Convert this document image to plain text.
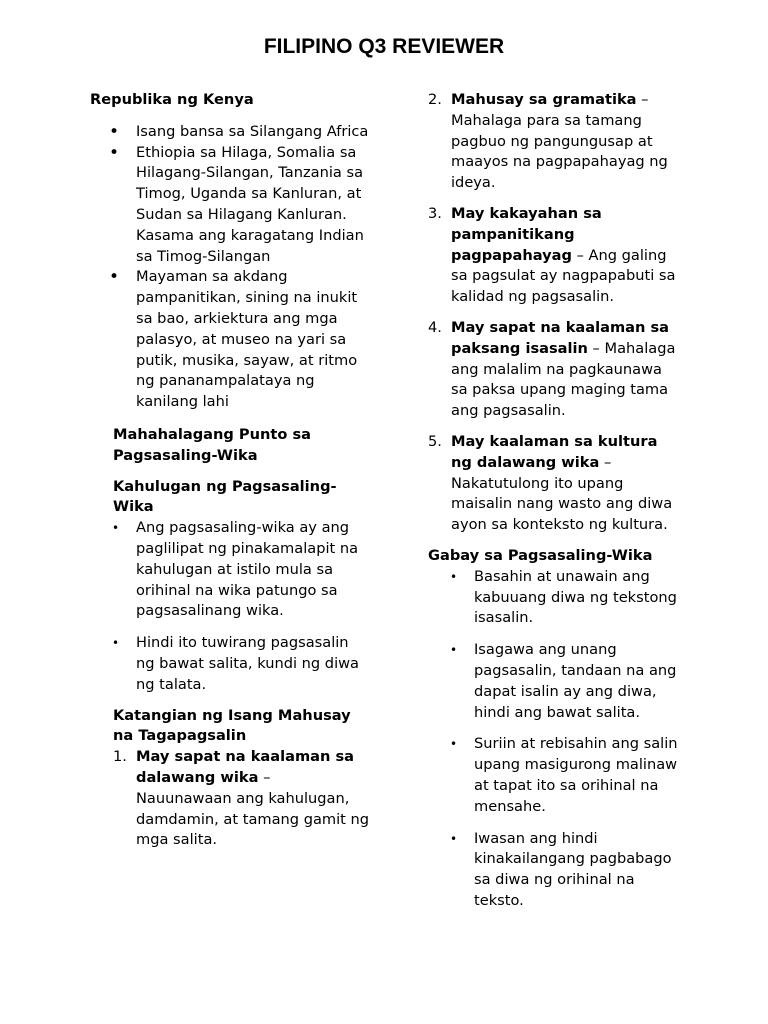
FILIPINO Q3 REVIEWER

Republika ng Kenya

• Isang bansa sa Silangang Africa
• Ethiopia sa Hilaga, Somalia sa Hilagang-Silangan, Tanzania sa Timog, Uganda sa Kanluran, at Sudan sa Hilagang Kanluran. Kasama ang karagatang Indian sa Timog-Silangan
• Mayaman sa akdang pampanitikan, sining na inukit sa bao, arkiektura ang mga palasyo, at museo na yari sa putik, musika, sayaw, at ritmo ng pananampalataya ng kanilang lahi

Mahahalagang Punto sa Pagsasaling-Wika

Kahulugan ng Pagsasaling-Wika

• Ang pagsasaling-wika ay ang paglilipat ng pinakamalapit na kahulugan at istilo mula sa orihinal na wika patungo sa pagsasalinang wika.
• Hindi ito tuwirang pagsasalin ng bawat salita, kundi ng diwa ng talata.

Katangian ng Isang Mahusay na Tagapagsalin

1. May sapat na kaalaman sa dalawang wika – Nauunawaan ang kahulugan, damdamin, at tamang gamit ng mga salita.
2. Mahusay sa gramatika – Mahalaga para sa tamang pagbuo ng pangungusap at maayos na pagpapahayag ng ideya.
3. May kakayahan sa pampanitikang pagpapahayag – Ang galing sa pagsulat ay nagpapabuti sa kalidad ng pagsasalin.
4. May sapat na kaalaman sa paksang isasalin – Mahalaga ang malalim na pagkaunawa sa paksa upang maging tama ang pagsasalin.
5. May kaalaman sa kultura ng dalawang wika – Nakatutulong ito upang maisalin nang wasto ang diwa ayon sa konteksto ng kultura.

Gabay sa Pagsasaling-Wika

• Basahin at unawain ang kabuuang diwa ng tekstong isasalin.
• Isagawa ang unang pagsasalin, tandaan na ang dapat isalin ay ang diwa, hindi ang bawat salita.
• Suriin at rebisahin ang salin upang masigurong malinaw at tapat ito sa orihinal na mensahe.
• Iwasan ang hindi kinakailangang pagbabago sa diwa ng orihinal na teksto.
